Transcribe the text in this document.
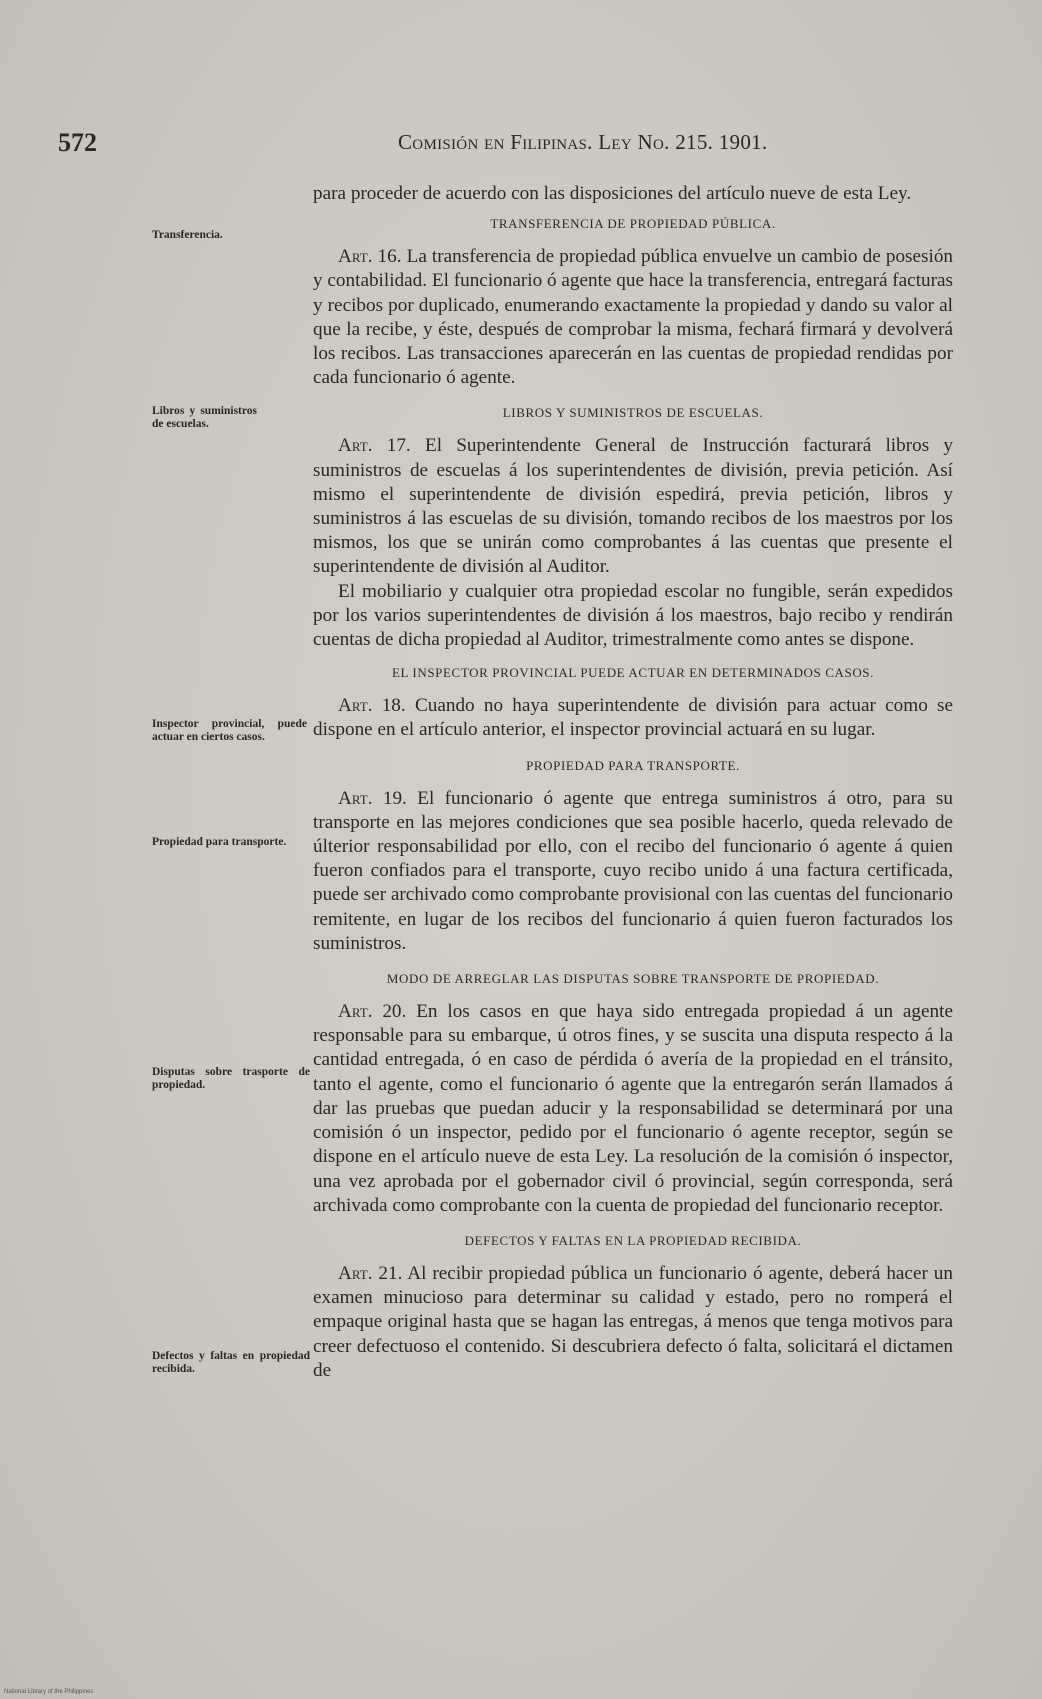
572	Comisión en Filipinas. Ley No. 215. 1901.
Transferencia.
Libros y suministros de escuelas.
Inspector provincial, puede actuar en ciertos casos.
Propiedad para transporte.
Disputas sobre trasporte de propiedad.
Defectos y faltas en propiedad recibida.

para proceder de acuerdo con las disposiciones del artículo nueve de esta Ley.

TRANSFERENCIA DE PROPIEDAD PÚBLICA.

Art. 16. La transferencia de propiedad pública envuelve un cambio de posesión y contabilidad. El funcionario ó agente que hace la transferencia, entregará facturas y recibos por duplicado, enumerando exactamente la propiedad y dando su valor al que la recibe, y éste, después de comprobar la misma, fechará firmará y devolverá los recibos. Las transacciones aparecerán en las cuentas de propiedad rendidas por cada funcionario ó agente.

LIBROS Y SUMINISTROS DE ESCUELAS.

Art. 17. El Superintendente General de Instrucción facturará libros y suministros de escuelas á los superintendentes de división, previa petición. Así mismo el superintendente de división espedirá, previa petición, libros y suministros á las escuelas de su división, tomando recibos de los maestros por los mismos, los que se unirán como comprobantes á las cuentas que presente el superintendente de división al Auditor.

El mobiliario y cualquier otra propiedad escolar no fungible, serán expedidos por los varios superintendentes de división á los maestros, bajo recibo y rendirán cuentas de dicha propiedad al Auditor, trimestralmente como antes se dispone.

EL INSPECTOR PROVINCIAL PUEDE ACTUAR EN DETERMINADOS CASOS.

Art. 18. Cuando no haya superintendente de división para actuar como se dispone en el artículo anterior, el inspector provincial actuará en su lugar.

PROPIEDAD PARA TRANSPORTE.

Art. 19. El funcionario ó agente que entrega suministros á otro, para su transporte en las mejores condiciones que sea posible hacerlo, queda relevado de últerior responsabilidad por ello, con el recibo del funcionario ó agente á quien fueron confiados para el transporte, cuyo recibo unido á una factura certificada, puede ser archivado como comprobante provisional con las cuentas del funcionario remitente, en lugar de los recibos del funcionario á quien fueron facturados los suministros.

MODO DE ARREGLAR LAS DISPUTAS SOBRE TRANSPORTE DE PROPIEDAD.

Art. 20. En los casos en que haya sido entregada propiedad á un agente responsable para su embarque, ú otros fines, y se suscita una disputa respecto á la cantidad entregada, ó en caso de pérdida ó avería de la propiedad en el tránsito, tanto el agente, como el funcionario ó agente que la entregarón serán llamados á dar las pruebas que puedan aducir y la responsabilidad se determinará por una comisión ó un inspector, pedido por el funcionario ó agente receptor, según se dispone en el artículo nueve de esta Ley. La resolución de la comisión ó inspector, una vez aprobada por el gobernador civil ó provincial, según corresponda, será archivada como comprobante con la cuenta de propiedad del funcionario receptor.

DEFECTOS Y FALTAS EN LA PROPIEDAD RECIBIDA.

Art. 21. Al recibir propiedad pública un funcionario ó agente, deberá hacer un examen minucioso para determinar su calidad y estado, pero no romperá el empaque original hasta que se hagan las entregas, á menos que tenga motivos para creer defectuoso el contenido. Si descubriera defecto ó falta, solicitará el dictamen de

National Library of the Philippines
